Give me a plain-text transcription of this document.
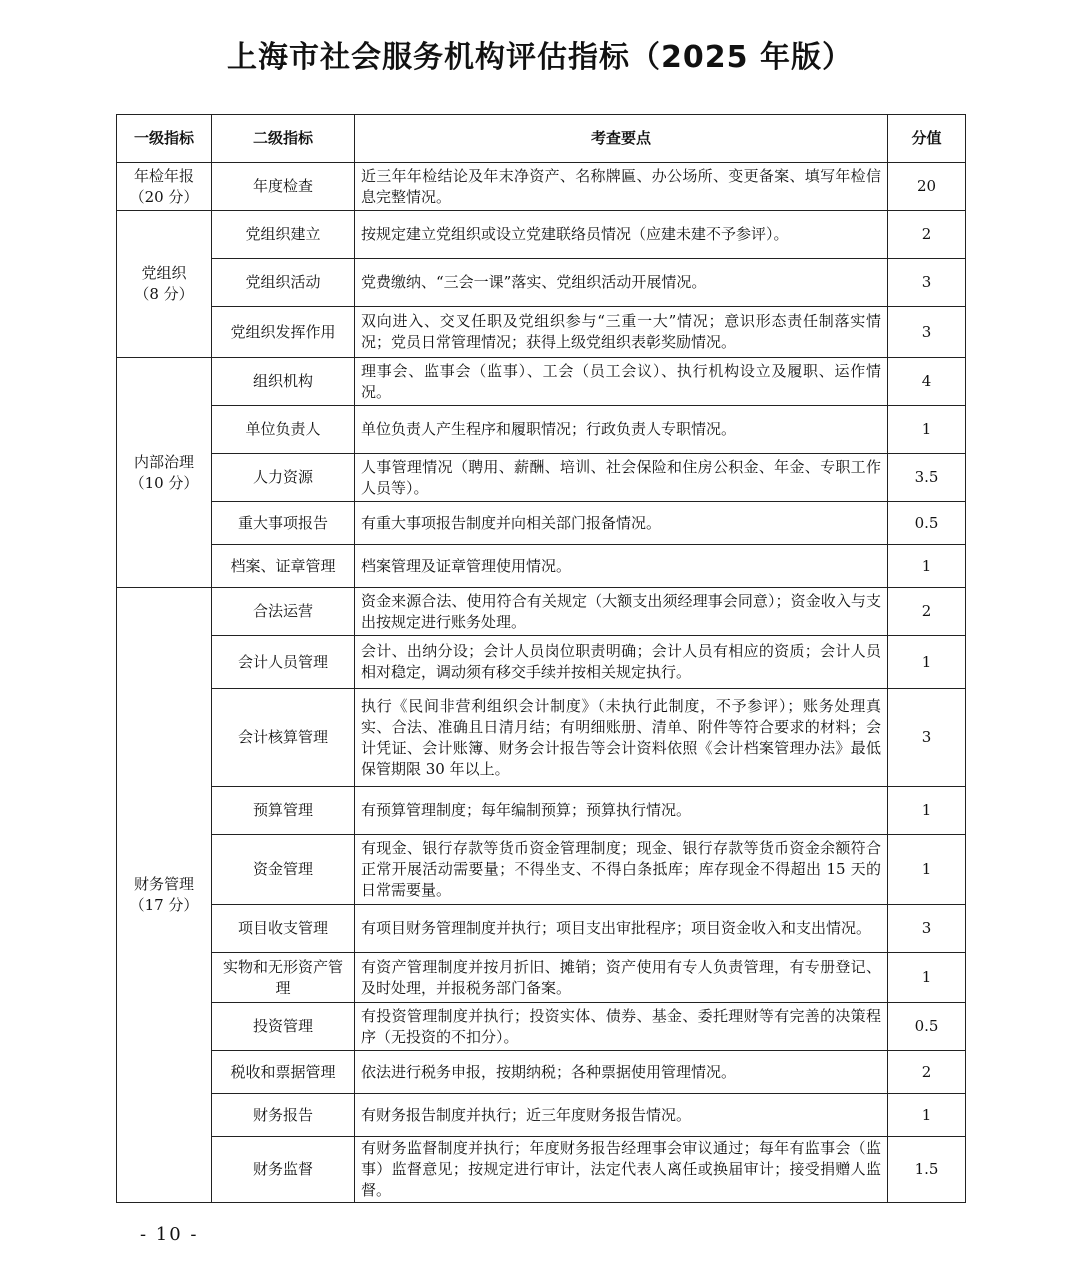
上海市社会服务机构评估指标（2025 年版）
一级指标	二级指标	考查要点	分值

年检年报
（20 分）	年度检查	近三年年检结论及年末净资产、名称牌匾、办公场所、变更备案、填写年检信息完整情况。	20

党组织
（8 分）	党组织建立	按规定建立党组织或设立党建联络员情况（应建未建不予参评）。	2
	党组织活动	党费缴纳、“三会一课”落实、党组织活动开展情况。	3
	党组织发挥作用	双向进入、交叉任职及党组织参与“三重一大”情况；意识形态责任制落实情况；党员日常管理情况；获得上级党组织表彰奖励情况。	3

内部治理
（10 分）	组织机构	理事会、监事会（监事）、工会（员工会议）、执行机构设立及履职、运作情况。	4
	单位负责人	单位负责人产生程序和履职情况；行政负责人专职情况。	1
	人力资源	人事管理情况（聘用、薪酬、培训、社会保险和住房公积金、年金、专职工作人员等）。	3.5
	重大事项报告	有重大事项报告制度并向相关部门报备情况。	0.5
	档案、证章管理	档案管理及证章管理使用情况。	1

财务管理
（17 分）	合法运营	资金来源合法、使用符合有关规定（大额支出须经理事会同意）；资金收入与支出按规定进行账务处理。	2
	会计人员管理	会计、出纳分设；会计人员岗位职责明确；会计人员有相应的资质；会计人员相对稳定，调动须有移交手续并按相关规定执行。	1
	会计核算管理	执行《民间非营利组织会计制度》（未执行此制度，不予参评）；账务处理真实、合法、准确且日清月结；有明细账册、清单、附件等符合要求的材料；会计凭证、会计账簿、财务会计报告等会计资料依照《会计档案管理办法》最低保管期限 30 年以上。	3
	预算管理	有预算管理制度；每年编制预算；预算执行情况。	1
	资金管理	有现金、银行存款等货币资金管理制度；现金、银行存款等货币资金余额符合正常开展活动需要量；不得坐支、不得白条抵库；库存现金不得超出 15 天的日常需要量。	1
	项目收支管理	有项目财务管理制度并执行；项目支出审批程序；项目资金收入和支出情况。	3
	实物和无形资产管理	有资产管理制度并按月折旧、摊销；资产使用有专人负责管理，有专册登记、及时处理，并报税务部门备案。	1
	投资管理	有投资管理制度并执行；投资实体、债券、基金、委托理财等有完善的决策程序（无投资的不扣分）。	0.5
	税收和票据管理	依法进行税务申报，按期纳税；各种票据使用管理情况。	2
	财务报告	有财务报告制度并执行；近三年度财务报告情况。	1
	财务监督	有财务监督制度并执行；年度财务报告经理事会审议通过；每年有监事会（监事）监督意见；按规定进行审计，法定代表人离任或换届审计；接受捐赠人监督。	1.5
- 10 -
